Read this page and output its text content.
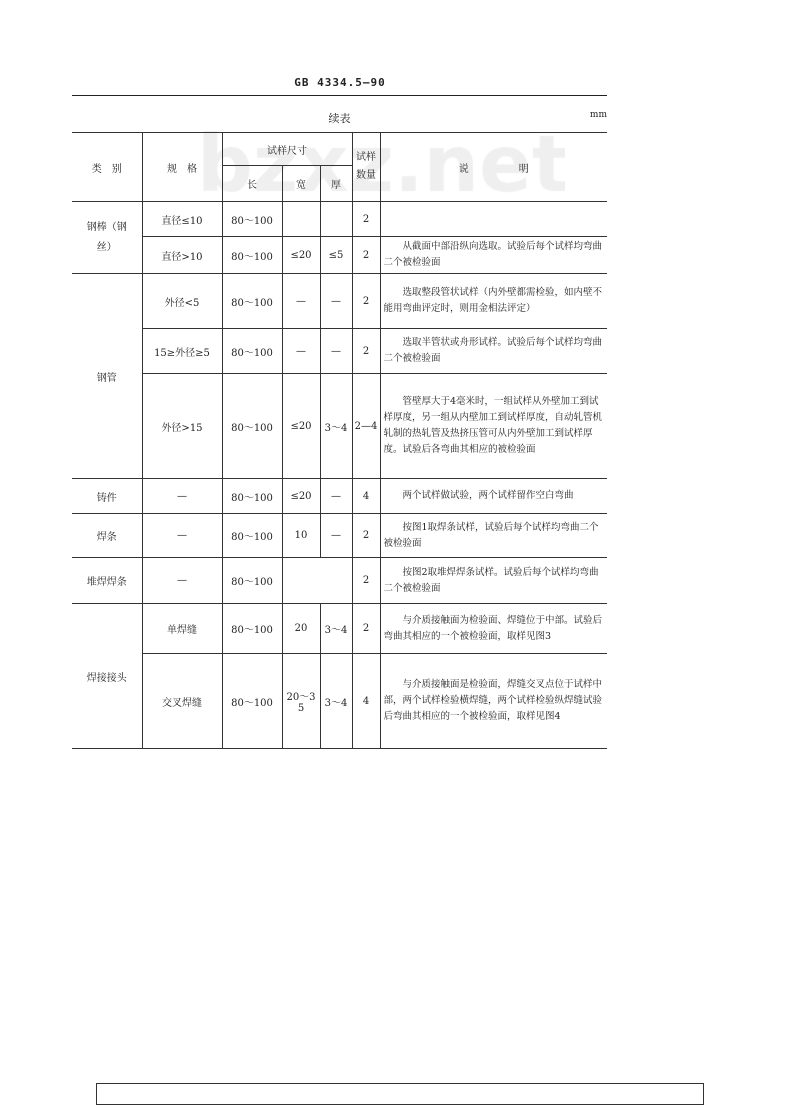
GB 4334.5—90
续表	mm
类　别	规　格	试样尺寸			试样数量	说　　　　　明
		长	宽	厚		
钢棒（钢丝）	直径≤10	80～100			2	
	直径>10	80～100	≤20	≤5	2	从截面中部沿纵向选取。试验后每个试样均弯曲二个被检验面
钢管	外径<5	80～100	—	—	2	选取整段管状试样（内外壁都需检验，如内壁不能用弯曲评定时，则用金相法评定）
	15≥外径≥5	80～100	—	—	2	选取半管状或舟形试样。试验后每个试样均弯曲二个被检验面
	外径>15	80～100	≤20	3～4	2—4	管壁厚大于4毫米时，一组试样从外壁加工到试样厚度，另一组从内壁加工到试样厚度，自动轧管机轧制的热轧管及热挤压管可从内外壁加工到试样厚度。试验后各弯曲其相应的被检验面
铸件	—	80～100	≤20	—	4	两个试样做试验，两个试样留作空白弯曲
焊条	—	80～100	10	—	2	按图1取焊条试样，试验后每个试样均弯曲二个被检验面
堆焊焊条	—	80～100			2	按图2取堆焊焊条试样。试验后每个试样均弯曲二个被检验面
焊接接头	单焊缝	80～100	20	3～4	2	与介质接触面为检验面、焊缝位于中部。试验后弯曲其相应的一个被检验面，取样见图3
	交叉焊缝	80～100	20～35	3～4	4	与介质接触面是检验面，焊缝交叉点位于试样中部，两个试样检验横焊缝，两个试样检验纵焊缝试验后弯曲其相应的一个被检验面，取样见图4
